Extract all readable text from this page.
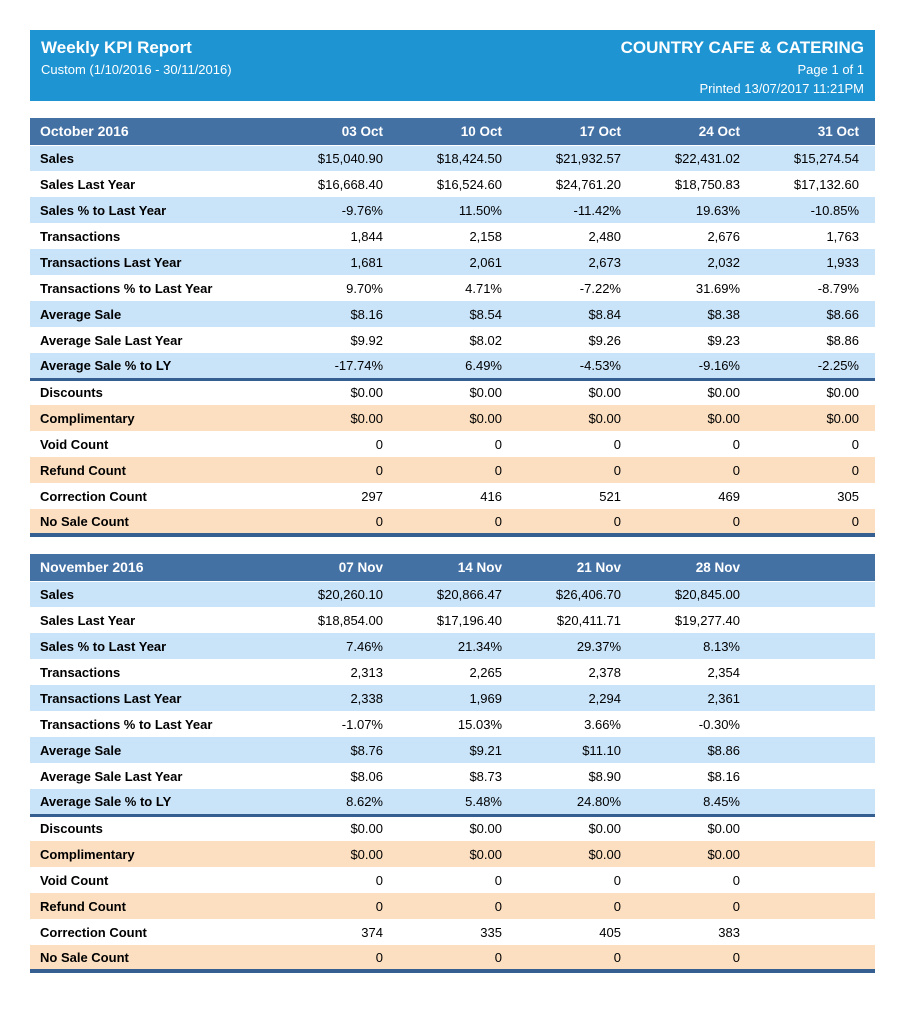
Weekly KPI Report
Custom (1/10/2016 - 30/11/2016)
COUNTRY CAFE & CATERING
Page 1 of 1
Printed 13/07/2017 11:21PM
October 2016	03 Oct	10 Oct	17 Oct	24 Oct	31 Oct
Sales	$15,040.90	$18,424.50	$21,932.57	$22,431.02	$15,274.54
Sales Last Year	$16,668.40	$16,524.60	$24,761.20	$18,750.83	$17,132.60
Sales % to Last Year	-9.76%	11.50%	-11.42%	19.63%	-10.85%
Transactions	1,844	2,158	2,480	2,676	1,763
Transactions Last Year	1,681	2,061	2,673	2,032	1,933
Transactions % to Last Year	9.70%	4.71%	-7.22%	31.69%	-8.79%
Average Sale	$8.16	$8.54	$8.84	$8.38	$8.66
Average Sale Last Year	$9.92	$8.02	$9.26	$9.23	$8.86
Average Sale % to LY	-17.74%	6.49%	-4.53%	-9.16%	-2.25%
Discounts	$0.00	$0.00	$0.00	$0.00	$0.00
Complimentary	$0.00	$0.00	$0.00	$0.00	$0.00
Void Count	0	0	0	0	0
Refund Count	0	0	0	0	0
Correction Count	297	416	521	469	305
No Sale Count	0	0	0	0	0
November 2016	07 Nov	14 Nov	21 Nov	28 Nov	
Sales	$20,260.10	$20,866.47	$26,406.70	$20,845.00	
Sales Last Year	$18,854.00	$17,196.40	$20,411.71	$19,277.40	
Sales % to Last Year	7.46%	21.34%	29.37%	8.13%	
Transactions	2,313	2,265	2,378	2,354	
Transactions Last Year	2,338	1,969	2,294	2,361	
Transactions % to Last Year	-1.07%	15.03%	3.66%	-0.30%	
Average Sale	$8.76	$9.21	$11.10	$8.86	
Average Sale Last Year	$8.06	$8.73	$8.90	$8.16	
Average Sale % to LY	8.62%	5.48%	24.80%	8.45%	
Discounts	$0.00	$0.00	$0.00	$0.00	
Complimentary	$0.00	$0.00	$0.00	$0.00	
Void Count	0	0	0	0	
Refund Count	0	0	0	0	
Correction Count	374	335	405	383	
No Sale Count	0	0	0	0	
